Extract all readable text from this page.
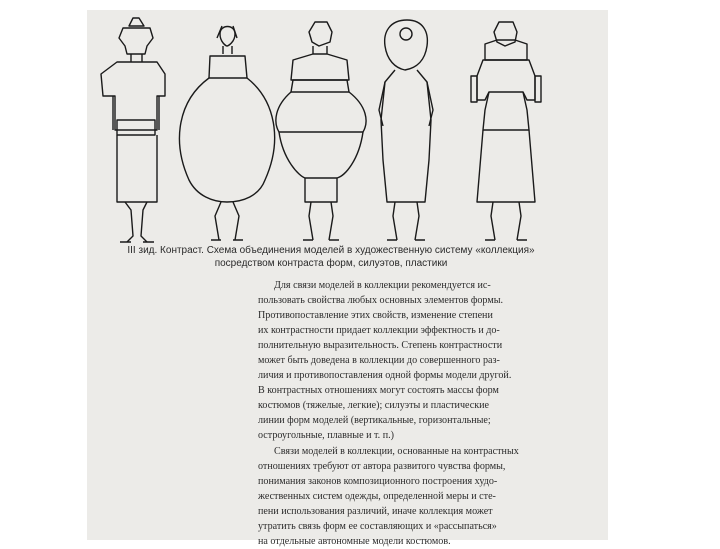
III зид. Контраст. Схема объединения моделей в художественную систему «коллекция»
посредством контраста форм, силуэтов, пластики
Для связи моделей в коллекции рекомендуется ис-
пользовать свойства любых основных элементов формы.
Противопоставление этих свойств, изменение степени
их контрастности придает коллекции эффектность и до-
полнительную выразительность. Степень контрастности
может быть доведена в коллекции до совершенного раз-
личия и противопоставления одной формы модели другой.
В контрастных отношениях могут состоять массы форм
костюмов (тяжелые, легкие); силуэты и пластические
линии форм моделей (вертикальные, горизонтальные;
остроугольные, плавные и т. п.)
Связи моделей в коллекции, основанные на контрастных
отношениях требуют от автора развитого чувства формы,
понимания законов композиционного построения худо-
жественных систем одежды, определенной меры и сте-
пени использования различий, иначе коллекция может
утратить связь форм ее составляющих и «рассыпаться»
на отдельные автономные модели костюмов.
